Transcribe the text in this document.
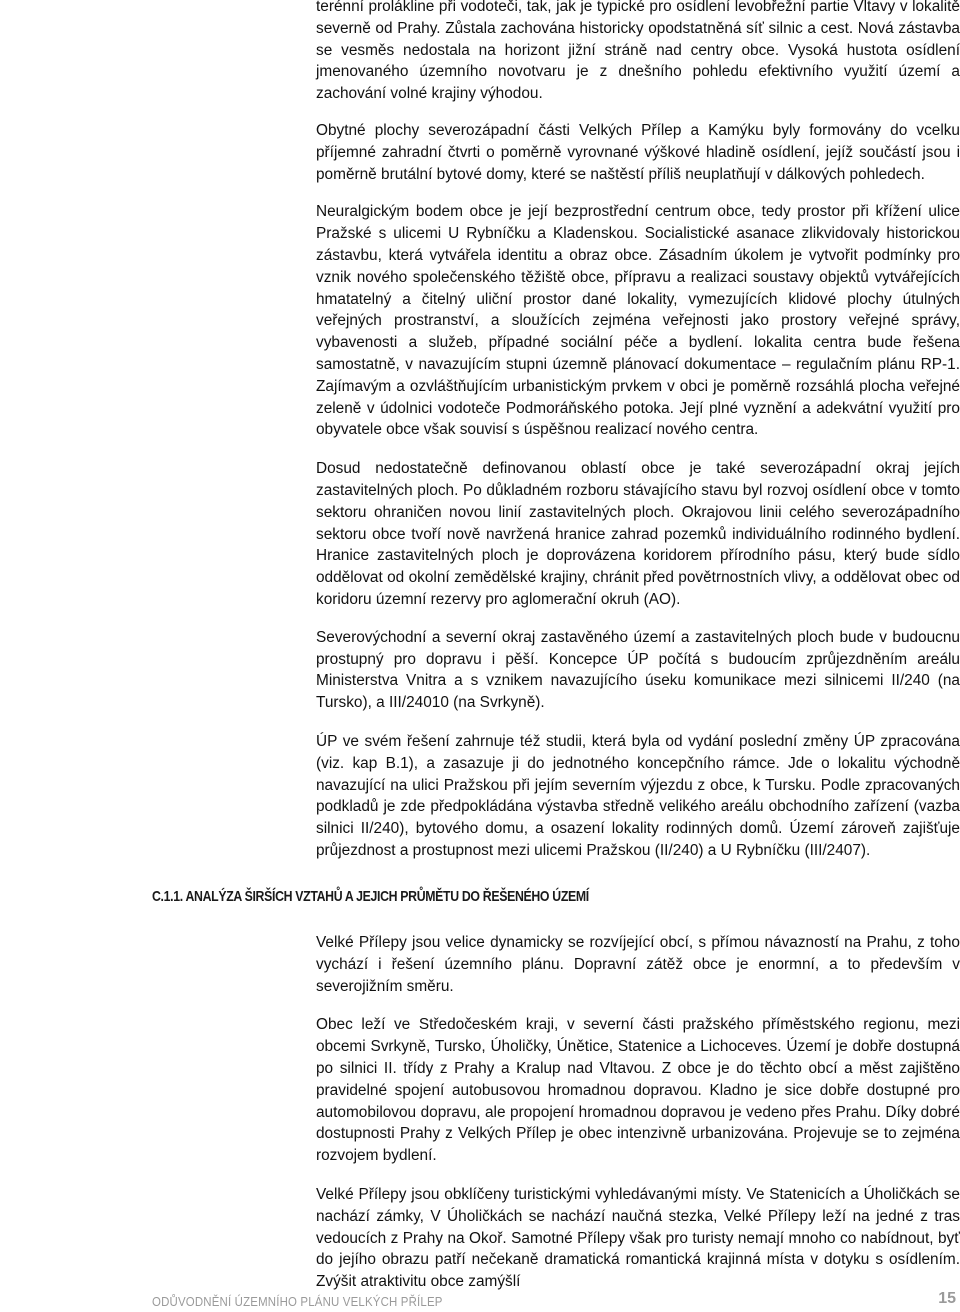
terénní prolákline při vodoteči, tak, jak je typické pro osídlení levobřežní partie Vltavy v lokalitě severně od Prahy. Zůstala zachována historicky opodstatněná síť silnic a cest. Nová zástavba se vesměs nedostala na horizont jižní stráně nad centry obce. Vysoká hustota osídlení jmenovaného územního novotvaru je z dnešního pohledu efektivního využití území a zachování volné krajiny výhodou.

Obytné plochy severozápadní části Velkých Přílep a Kamýku byly formovány do vcelku příjemné zahradní čtvrti o poměrně vyrovnané výškové hladině osídlení, jejíž součástí jsou i poměrně brutální bytové domy, které se naštěstí příliš neuplatňují v dálkových pohledech.

Neuralgickým bodem obce je její bezprostřední centrum obce, tedy prostor při křížení ulice Pražské s ulicemi U Rybníčku a Kladenskou. Socialistické asanace zlikvidovaly historickou zástavbu, která vytvářela identitu a obraz obce. Zásadním úkolem je vytvořit podmínky pro vznik nového společenského těžiště obce, přípravu a realizaci soustavy objektů vytvářejících hmatatelný a čitelný uliční prostor dané lokality, vymezujících klidové plochy útulných veřejných prostranství, a sloužících zejména veřejnosti jako prostory veřejné správy, vybavenosti a služeb, případné sociální péče a bydlení. lokalita centra bude řešena samostatně, v navazujícím stupni územně plánovací dokumentace – regulačním plánu RP-1. Zajímavým a ozvláštňujícím urbanistickým prvkem v obci je poměrně rozsáhlá plocha veřejné zeleně v údolnici vodoteče Podmoráňského potoka. Její plné vyznění a adekvátní využití pro obyvatele obce však souvisí s úspěšnou realizací nového centra.

Dosud nedostatečně definovanou oblastí obce je také severozápadní okraj jejích zastavitelných ploch. Po důkladném rozboru stávajícího stavu byl rozvoj osídlení obce v tomto sektoru ohraničen novou linií zastavitelných ploch. Okrajovou linii celého severozápadního sektoru obce tvoří nově navržená hranice zahrad pozemků individuálního rodinného bydlení. Hranice zastavitelných ploch je doprovázena koridorem přírodního pásu, který bude sídlo oddělovat od okolní zemědělské krajiny, chránit před povětrnostních vlivy, a oddělovat obec od koridoru územní rezervy pro aglomerační okruh (AO).

Severovýchodní a severní okraj zastavěného území a zastavitelných ploch bude v budoucnu prostupný pro dopravu i pěší. Koncepce ÚP počítá s budoucím zprůjezdněním areálu Ministerstva Vnitra a s vznikem navazujícího úseku komunikace mezi silnicemi II/240 (na Tursko), a III/24010 (na Svrkyně).

ÚP ve svém řešení zahrnuje též studii, která byla od vydání poslední změny ÚP zpracována (viz. kap B.1), a zasazuje ji do jednotného koncepčního rámce. Jde o lokalitu východně navazující na ulici Pražskou při jejím severním výjezdu z obce, k Tursku. Podle zpracovaných podkladů je zde předpokládána výstavba středně velikého areálu obchodního zařízení (vazba silnici II/240), bytového domu, a osazení lokality rodinných domů. Území zároveň zajišťuje průjezdnost a prostupnost mezi ulicemi Pražskou (II/240) a U Rybníčku (III/2407).

C.1.1. ANALÝZA ŠIRŠÍCH VZTAHŮ A JEJICH PRŮMĚTU DO ŘEŠENÉHO ÚZEMÍ

Velké Přílepy jsou velice dynamicky se rozvíjející obcí, s přímou návazností na Prahu, z toho vychází i řešení územního plánu. Dopravní zátěž obce je enormní, a to především v severojižním směru.

Obec leží ve Středočeském kraji, v severní části pražského příměstského regionu, mezi obcemi Svrkyně, Tursko, Úholičky, Únětice, Statenice a Lichoceves. Území je dobře dostupná po silnici II. třídy z Prahy a Kralup nad Vltavou. Z obce je do těchto obcí a měst zajištěno pravidelné spojení autobusovou hromadnou dopravou. Kladno je sice dobře dostupné pro automobilovou dopravu, ale propojení hromadnou dopravou je vedeno přes Prahu. Díky dobré dostupnosti Prahy z Velkých Přílep je obec intenzivně urbanizována. Projevuje se to zejména rozvojem bydlení.

Velké Přílepy jsou obklíčeny turistickými vyhledávanými místy. Ve Statenicích a Úholičkách se nachází zámky, V Úholičkách se nachází naučná stezka, Velké Přílepy leží na jedné z tras vedoucích z Prahy na Okoř. Samotné Přílepy však pro turisty nemají mnoho co nabídnout, byť do jejího obrazu patří nečekaně dramatická romantická krajinná místa v dotyku s osídlením. Zvýšit atraktivitu obce zamýšlí

ODŮVODNĚNÍ ÚZEMNÍHO PLÁNU VELKÝCH PŘÍLEP	15
